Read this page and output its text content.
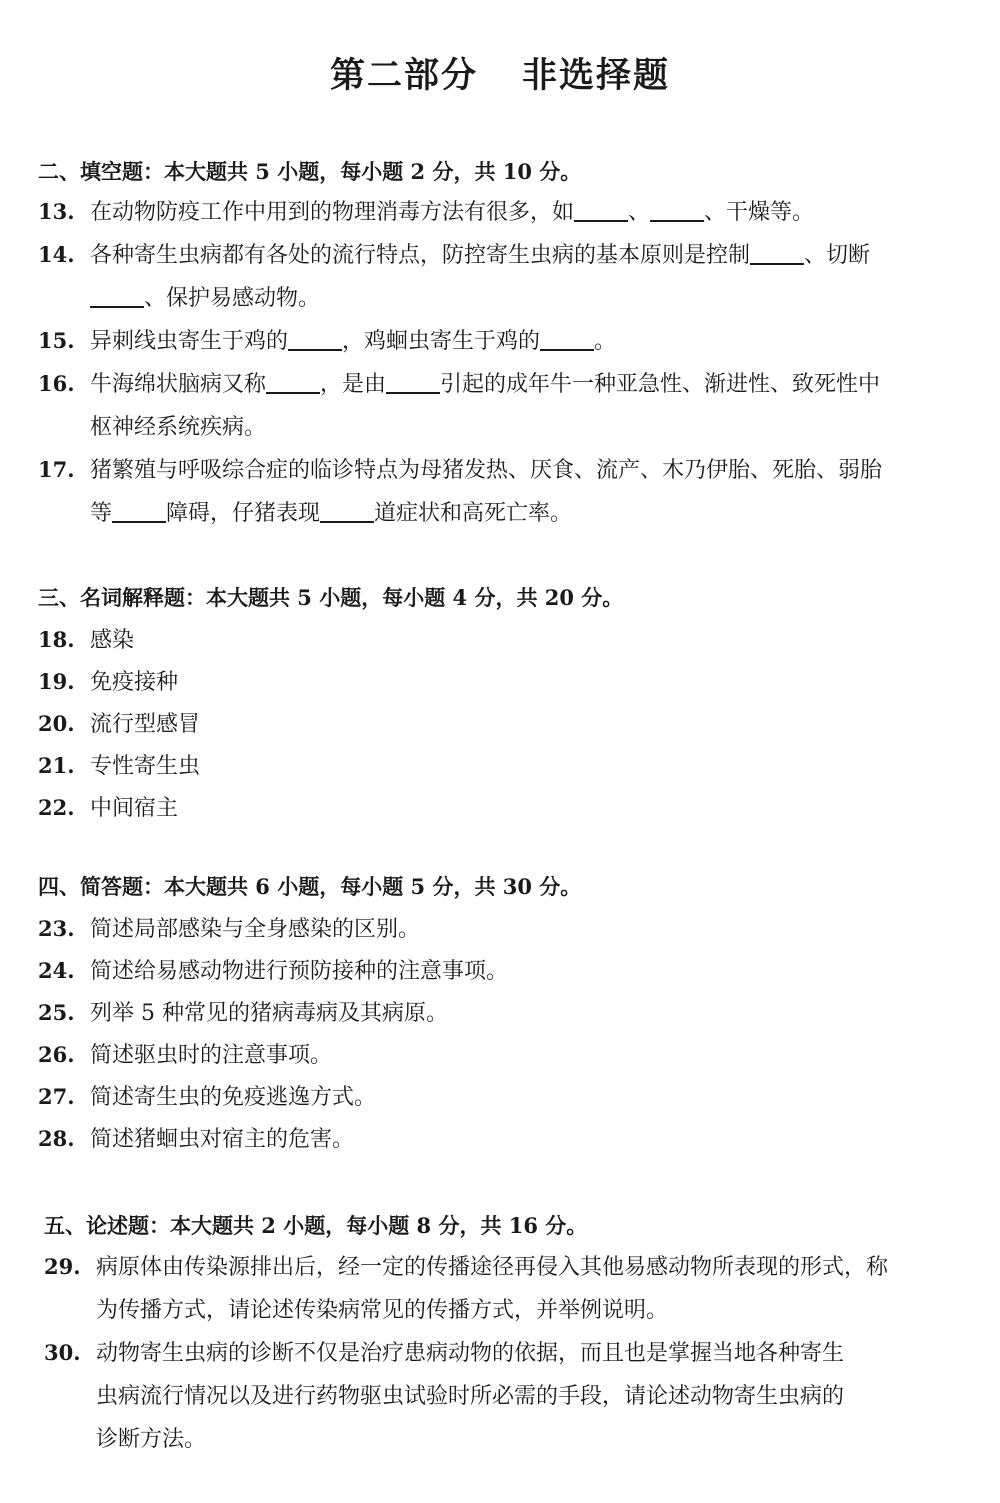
第二部分 非选择题
二、填空题：本大题共 5 小题，每小题 2 分，共 10 分。
13. 在动物防疫工作中用到的物理消毒方法有很多，如 、 、干燥等。
14. 各种寄生虫病都有各处的流行特点，防控寄生虫病的基本原则是控制 、切断
、保护易感动物。
15. 异刺线虫寄生于鸡的 ，鸡蛔虫寄生于鸡的 。
16. 牛海绵状脑病又称 ，是由 引起的成年牛一种亚急性、渐进性、致死性中
枢神经系统疾病。
17. 猪繁殖与呼吸综合症的临诊特点为母猪发热、厌食、流产、木乃伊胎、死胎、弱胎
等 障碍，仔猪表现 道症状和高死亡率。
三、名词解释题：本大题共 5 小题，每小题 4 分，共 20 分。
18. 感染
19. 免疫接种
20. 流行型感冒
21. 专性寄生虫
22. 中间宿主
四、简答题：本大题共 6 小题，每小题 5 分，共 30 分。
23. 简述局部感染与全身感染的区别。
24. 简述给易感动物进行预防接种的注意事项。
25. 列举 5 种常见的猪病毒病及其病原。
26. 简述驱虫时的注意事项。
27. 简述寄生虫的免疫逃逸方式。
28. 简述猪蛔虫对宿主的危害。
五、论述题：本大题共 2 小题，每小题 8 分，共 16 分。
29. 病原体由传染源排出后，经一定的传播途径再侵入其他易感动物所表现的形式，称
为传播方式，请论述传染病常见的传播方式，并举例说明。
30. 动物寄生虫病的诊断不仅是治疗患病动物的依据，而且也是掌握当地各种寄生
虫病流行情况以及进行药物驱虫试验时所必需的手段，请论述动物寄生虫病的
诊断方法。
